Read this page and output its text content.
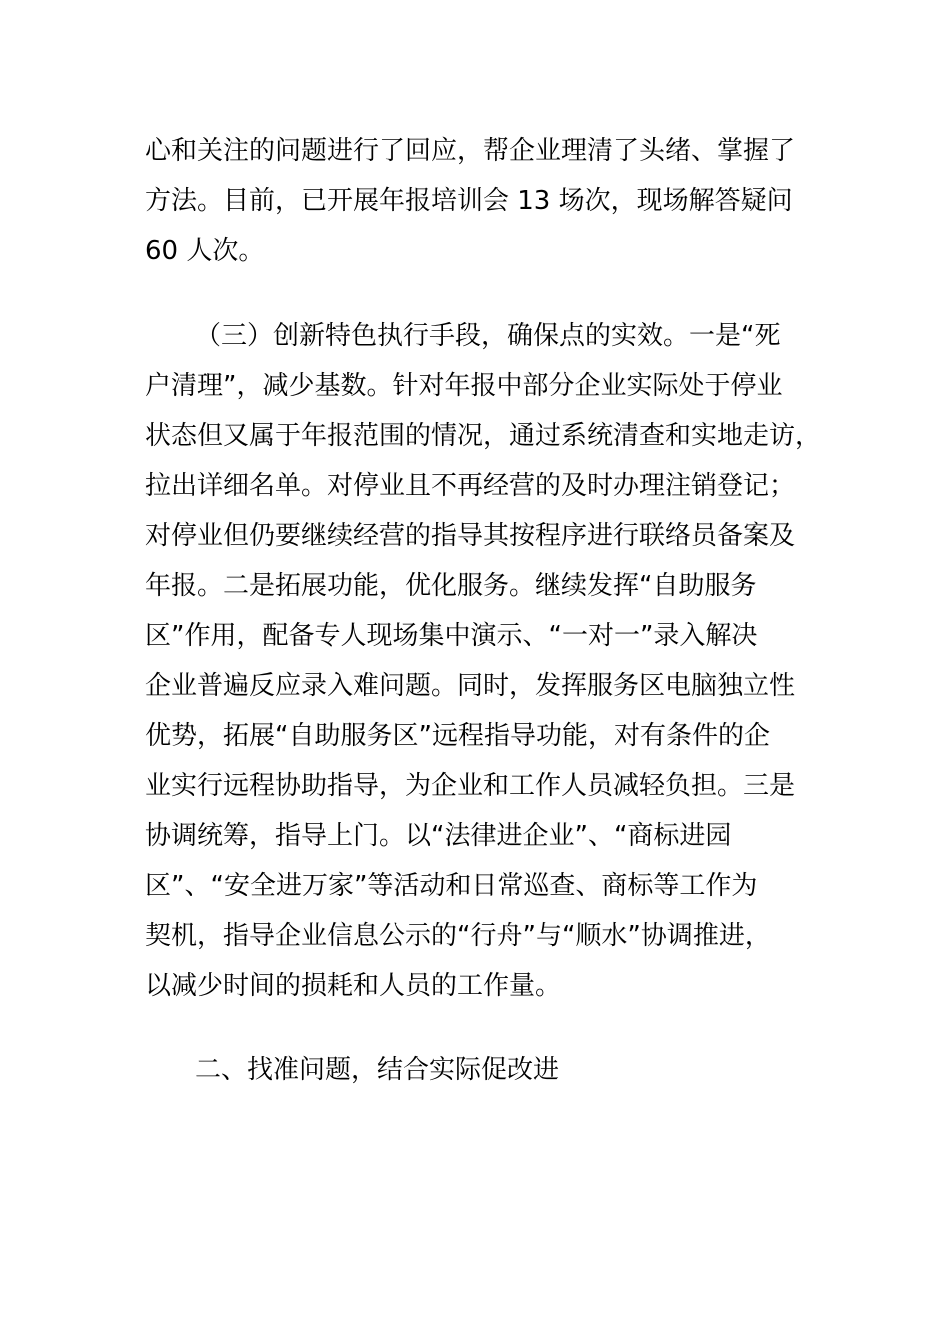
心和关注的问题进行了回应，帮企业理清了头绪、掌握了

方法。目前，已开展年报培训会 13 场次，现场解答疑问

60 人次。

（三）创新特色执行手段，确保点的实效。一是“死

户清理”，减少基数。针对年报中部分企业实际处于停业

状态但又属于年报范围的情况，通过系统清查和实地走访，

拉出详细名单。对停业且不再经营的及时办理注销登记；

对停业但仍要继续经营的指导其按程序进行联络员备案及

年报。二是拓展功能，优化服务。继续发挥“自助服务

区”作用，配备专人现场集中演示、“一对一”录入解决

企业普遍反应录入难问题。同时，发挥服务区电脑独立性

优势，拓展“自助服务区”远程指导功能，对有条件的企

业实行远程协助指导，为企业和工作人员减轻负担。三是

协调统筹，指导上门。以“法律进企业”、“商标进园

区”、“安全进万家”等活动和日常巡查、商标等工作为

契机，指导企业信息公示的“行舟”与“顺水”协调推进，

以减少时间的损耗和人员的工作量。

二、找准问题，结合实际促改进
